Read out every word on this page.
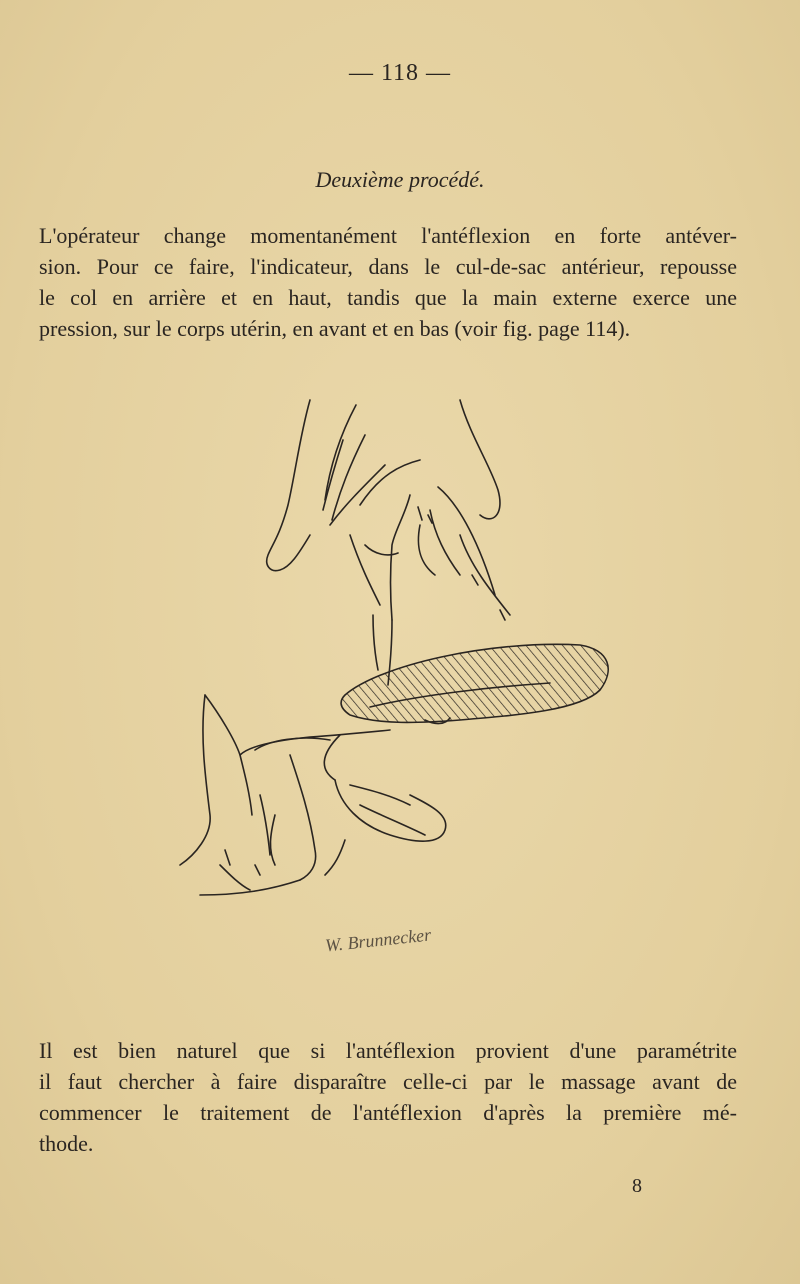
— 118 —
Deuxième procédé.
L'opérateur change momentanément l'antéflexion en forte antéver-
sion. Pour ce faire, l'indicateur, dans le cul-de-sac antérieur, repousse
le col en arrière et en haut, tandis que la main externe exerce une
pression, sur le corps utérin, en avant et en bas (voir fig. page 114).
W. Brunnecker
Il est bien naturel que si l'antéflexion provient d'une paramétrite
il faut chercher à faire disparaître celle-ci par le massage avant de
commencer le traitement de l'antéflexion d'après la première mé-
thode.
8
